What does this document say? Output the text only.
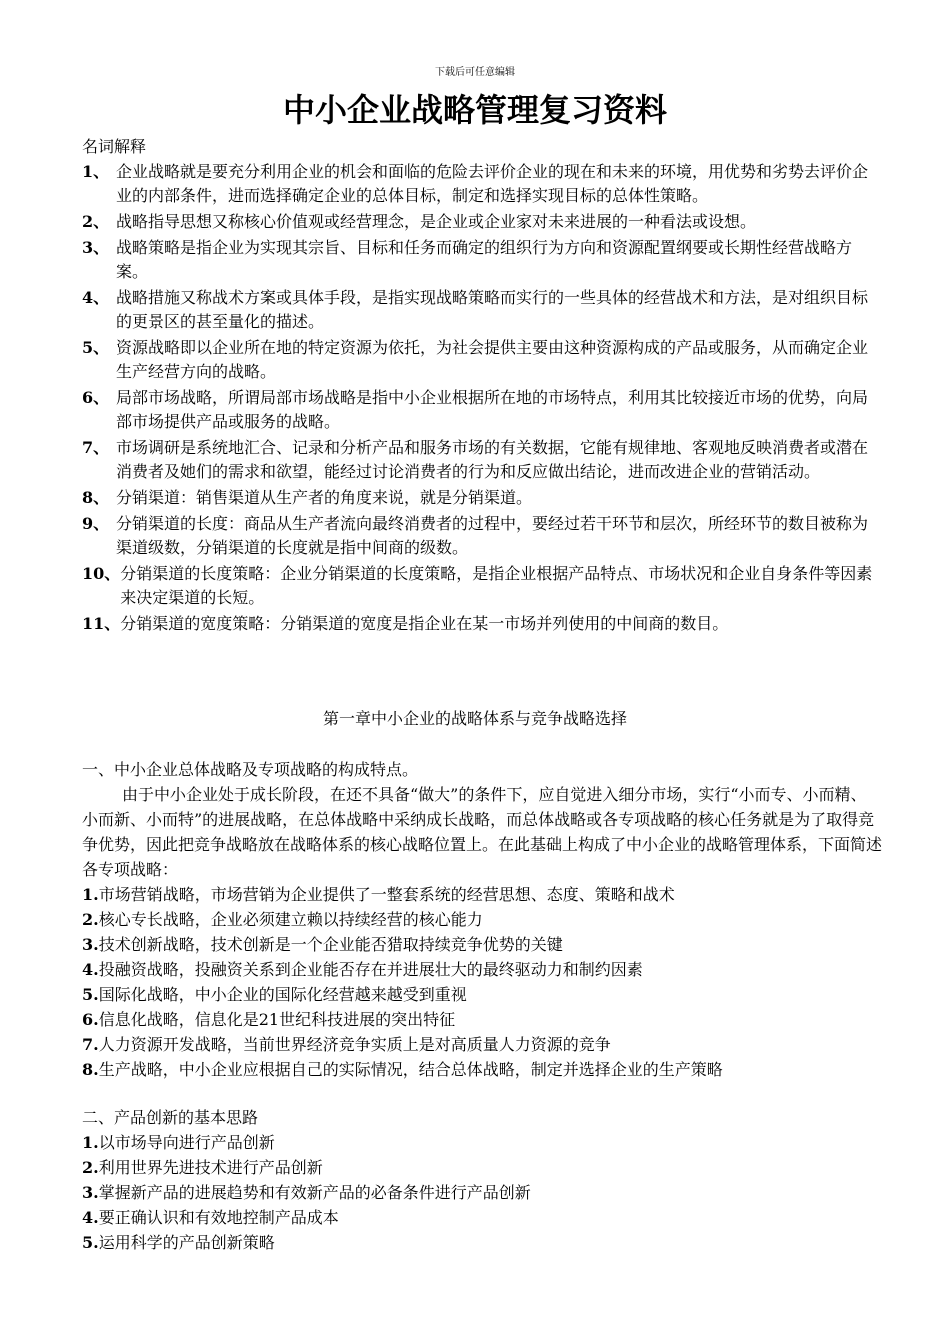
下载后可任意编辑
中小企业战略管理复习资料
名词解释
1、 企业战略就是要充分利用企业的机会和面临的危险去评价企业的现在和未来的环境，用优势和劣势去评价企业的内部条件，进而选择确定企业的总体目标，制定和选择实现目标的总体性策略。
2、 战略指导思想又称核心价值观或经营理念，是企业或企业家对未来进展的一种看法或设想。
3、 战略策略是指企业为实现其宗旨、目标和任务而确定的组织行为方向和资源配置纲要或长期性经营战略方案。
4、 战略措施又称战术方案或具体手段，是指实现战略策略而实行的一些具体的经营战术和方法，是对组织目标的更景区的甚至量化的描述。
5、 资源战略即以企业所在地的特定资源为依托，为社会提供主要由这种资源构成的产品或服务，从而确定企业生产经营方向的战略。
6、 局部市场战略，所谓局部市场战略是指中小企业根据所在地的市场特点，利用其比较接近市场的优势，向局部市场提供产品或服务的战略。
7、 市场调研是系统地汇合、记录和分析产品和服务市场的有关数据，它能有规律地、客观地反映消费者或潜在消费者及她们的需求和欲望，能经过讨论消费者的行为和反应做出结论，进而改进企业的营销活动。
8、 分销渠道：销售渠道从生产者的角度来说，就是分销渠道。
9、 分销渠道的长度：商品从生产者流向最终消费者的过程中，要经过若干环节和层次，所经环节的数目被称为渠道级数，分销渠道的长度就是指中间商的级数。
10、 分销渠道的长度策略：企业分销渠道的长度策略，是指企业根据产品特点、市场状况和企业自身条件等因素来决定渠道的长短。
11、 分销渠道的宽度策略：分销渠道的宽度是指企业在某一市场并列使用的中间商的数目。
第一章中小企业的战略体系与竞争战略选择
一、中小企业总体战略及专项战略的构成特点。

由于中小企业处于成长阶段，在还不具备“做大”的条件下，应自觉进入细分市场，实行“小而专、小而精、小而新、小而特”的进展战略，在总体战略中采纳成长战略，而总体战略或各专项战略的核心任务就是为了取得竞争优势，因此把竞争战略放在战略体系的核心战略位置上。在此基础上构成了中小企业的战略管理体系，下面简述各专项战略：

1.市场营销战略，市场营销为企业提供了一整套系统的经营思想、态度、策略和战术
2.核心专长战略，企业必须建立赖以持续经营的核心能力
3.技术创新战略，技术创新是一个企业能否猎取持续竞争优势的关键
4.投融资战略，投融资关系到企业能否存在并进展壮大的最终驱动力和制约因素
5.国际化战略，中小企业的国际化经营越来越受到重视
6.信息化战略，信息化是21世纪科技进展的突出特征
7.人力资源开发战略，当前世界经济竞争实质上是对高质量人力资源的竞争
8.生产战略，中小企业应根据自己的实际情况，结合总体战略，制定并选择企业的生产策略
二、产品创新的基本思路
1.以市场导向进行产品创新
2.利用世界先进技术进行产品创新
3.掌握新产品的进展趋势和有效新产品的必备条件进行产品创新
4.要正确认识和有效地控制产品成本
5.运用科学的产品创新策略
